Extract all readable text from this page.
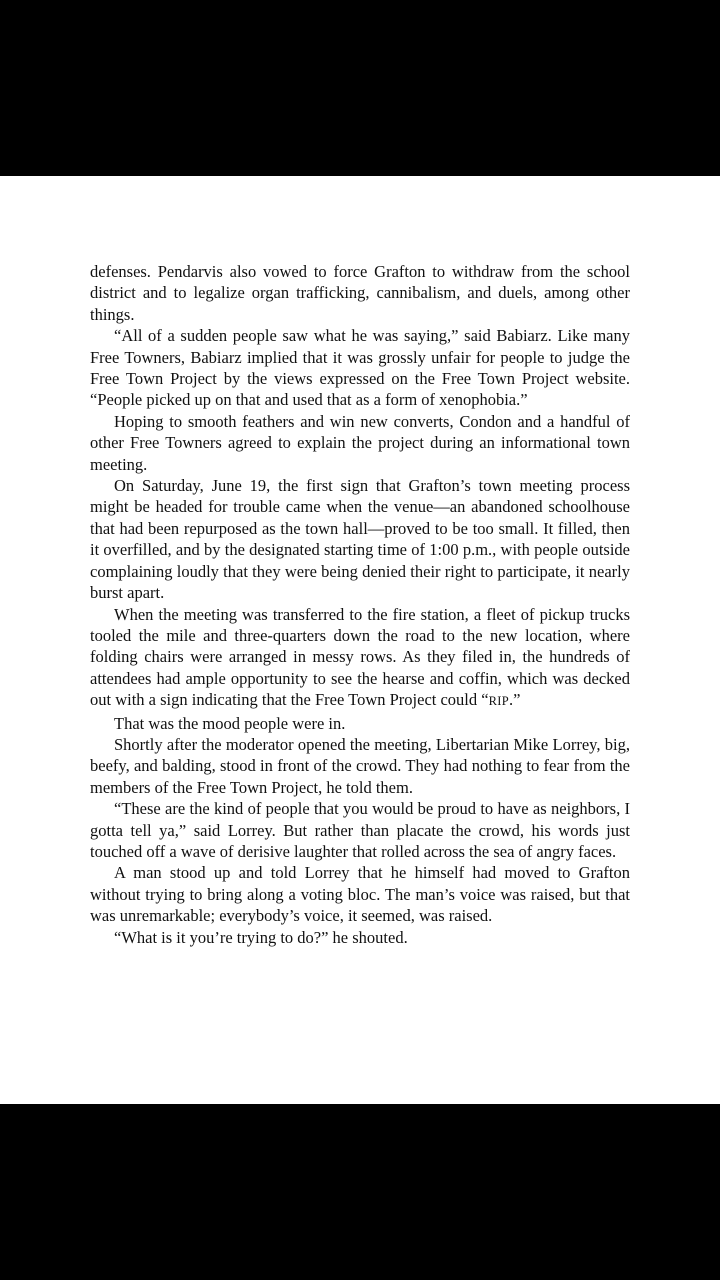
defenses. Pendarvis also vowed to force Grafton to withdraw from the school district and to legalize organ trafficking, cannibalism, and duels, among other things.

“All of a sudden people saw what he was saying,” said Babiarz. Like many Free Towners, Babiarz implied that it was grossly unfair for people to judge the Free Town Project by the views expressed on the Free Town Project website. “People picked up on that and used that as a form of xenophobia.”

Hoping to smooth feathers and win new converts, Condon and a handful of other Free Towners agreed to explain the project during an informational town meeting.

On Saturday, June 19, the first sign that Grafton’s town meeting process might be headed for trouble came when the venue—an abandoned schoolhouse that had been repurposed as the town hall—proved to be too small. It filled, then it overfilled, and by the designated starting time of 1:00 p.m., with people outside complaining loudly that they were being denied their right to participate, it nearly burst apart.

When the meeting was transferred to the fire station, a fleet of pickup trucks tooled the mile and three-quarters down the road to the new location, where folding chairs were arranged in messy rows. As they filed in, the hundreds of attendees had ample opportunity to see the hearse and coffin, which was decked out with a sign indicating that the Free Town Project could “RIP.”

That was the mood people were in.

Shortly after the moderator opened the meeting, Libertarian Mike Lorrey, big, beefy, and balding, stood in front of the crowd. They had nothing to fear from the members of the Free Town Project, he told them.

“These are the kind of people that you would be proud to have as neighbors, I gotta tell ya,” said Lorrey. But rather than placate the crowd, his words just touched off a wave of derisive laughter that rolled across the sea of angry faces.

A man stood up and told Lorrey that he himself had moved to Grafton without trying to bring along a voting bloc. The man’s voice was raised, but that was unremarkable; everybody’s voice, it seemed, was raised.

“What is it you’re trying to do?” he shouted.
